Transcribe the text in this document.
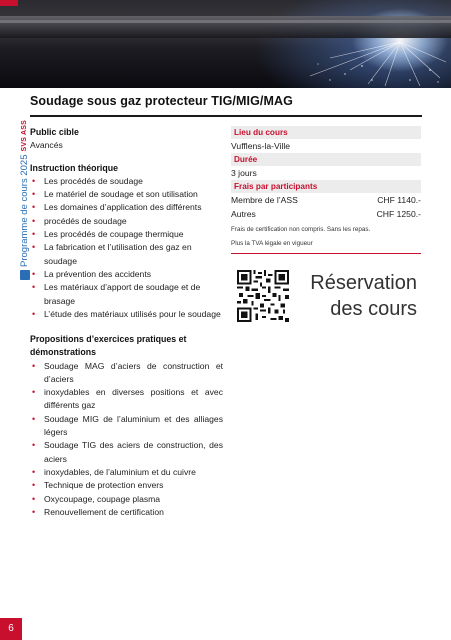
Soudage sous gaz protecteur TIG/MIG/MAG
Programme de cours 2025
SVS ASS Public cible
Avancés
Instruction théorique
• Les procédés de soudage
• Le matériel de soudage et son utilisation
• Les domaines d’application des différents
• procédés de soudage
• Les procédés de coupage thermique
• La fabrication et l’utilisation des gaz en soudage
• La prévention des accidents
• Les matériaux d’apport de soudage et de brasage
• L’étude des matériaux utilisés pour le soudage
Propositions d’exercices pratiques et démonstrations
• Soudage MAG d’aciers de construction et d’aciers
• inoxydables en diverses positions et avec différents gaz
• Soudage MIG de l’aluminium et des alliages légers
• Soudage TIG des aciers de construction, des aciers
• inoxydables, de l’aluminium et du cuivre
• Technique de protection envers
• Oxycoupage, coupage plasma
• Renouvellement de certification
Lieu du cours
Vufflens-la-Ville
Durée
3 jours
Frais par participants
Membre de l’ASS	CHF 1140.-
Autres	CHF 1250.-
Frais de certification non compris. Sans les repas.
Plus la TVA légale en vigueur
Réservation
des cours
6
